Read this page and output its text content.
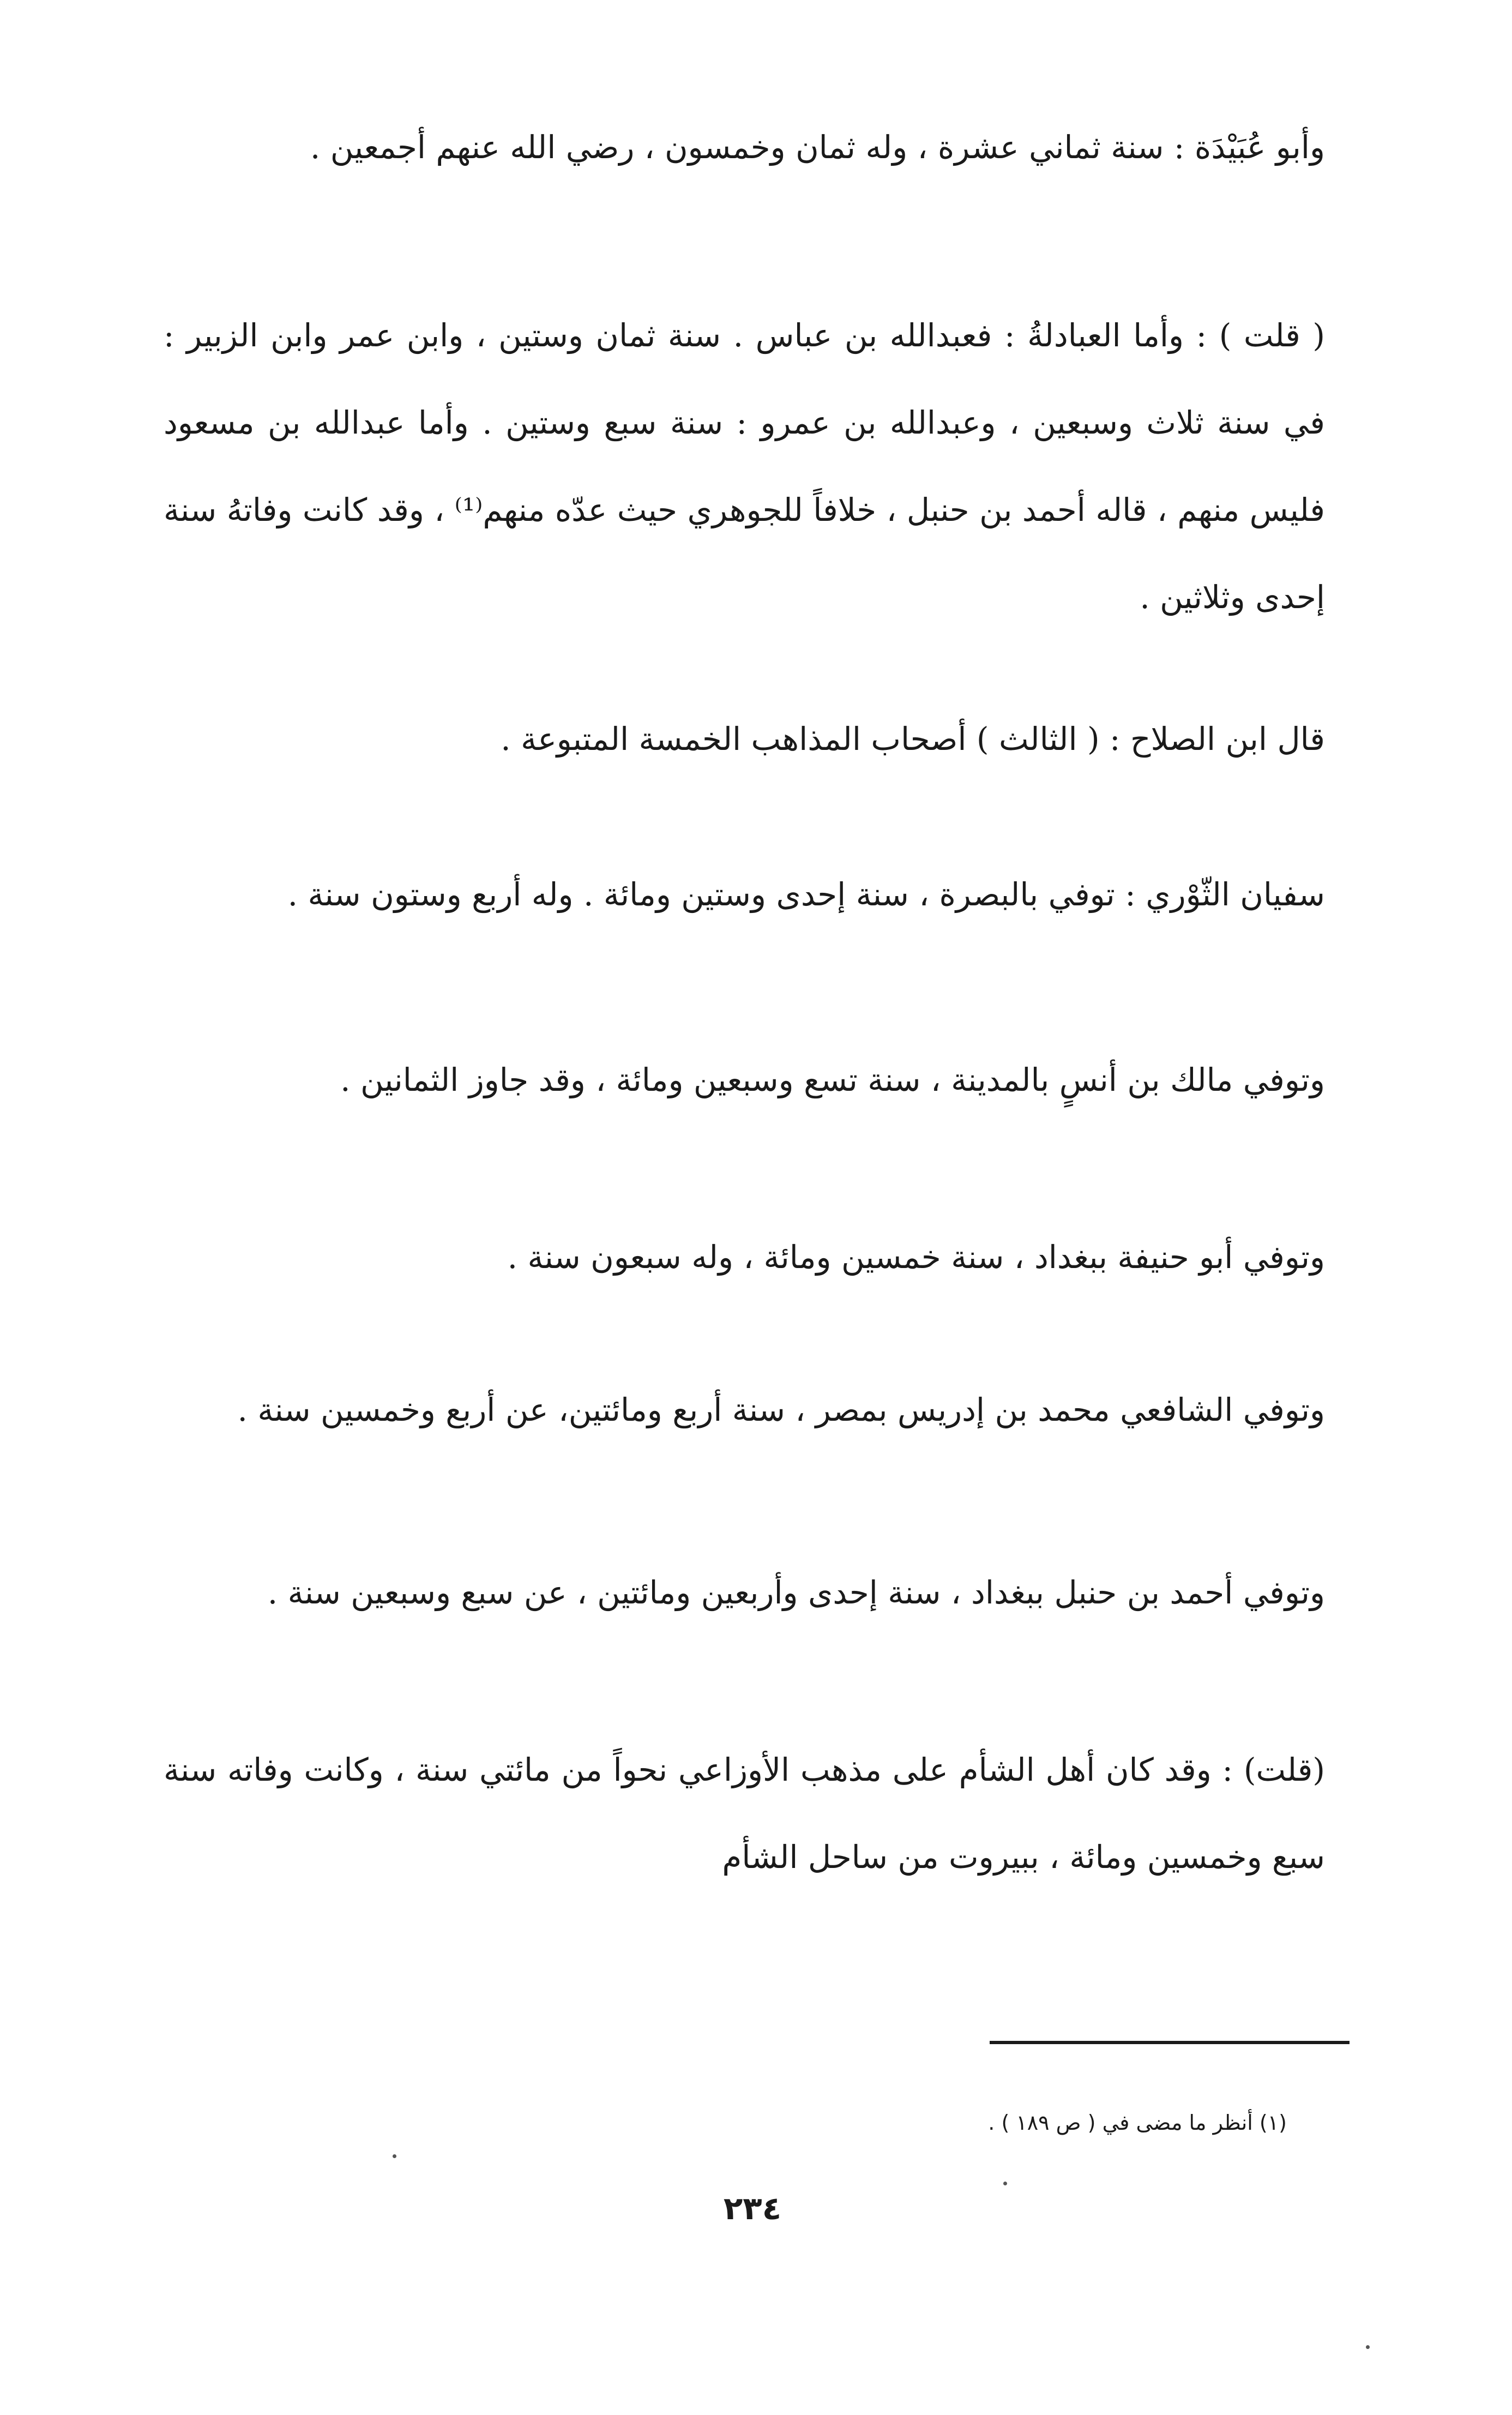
وأبو عُبَيْدَة : سنة ثماني عشرة ، وله ثمان وخمسون ، رضي الله عنهم أجمعين .
( قلت ) : وأما العبادلةُ : فعبدالله بن عباس . سنة ثمان وستين ، وابن عمر وابن الزبير : في سنة ثلاث وسبعين ، وعبدالله بن عمرو : سنة سبع وستين . وأما عبدالله بن مسعود فليس منهم ، قاله أحمد بن حنبل ، خلافاً للجوهري حيث عدّه منهم⁽¹⁾ ، وقد كانت وفاتهُ سنة إحدى وثلاثين .
قال ابن الصلاح : ( الثالث ) أصحاب المذاهب الخمسة المتبوعة .
سفيان الثّوْري : توفي بالبصرة ، سنة إحدى وستين ومائة . وله أربع وستون سنة .
وتوفي مالك بن أنسٍ بالمدينة ، سنة تسع وسبعين ومائة ، وقد جاوز الثمانين .
وتوفي أبو حنيفة ببغداد ، سنة خمسين ومائة ، وله سبعون سنة .
وتوفي الشافعي محمد بن إدريس بمصر ، سنة أربع ومائتين، عن أربع وخمسين سنة .
وتوفي أحمد بن حنبل ببغداد ، سنة إحدى وأربعين ومائتين ، عن سبع وسبعين سنة .
(قلت) : وقد كان أهل الشأم على مذهب الأوزاعي نحواً من مائتي سنة ، وكانت وفاته سنة سبع وخمسين ومائة ، ببيروت من ساحل الشأم
(١) أنظر ما مضى في ( ص ١٨٩ ) .
٢٣٤
